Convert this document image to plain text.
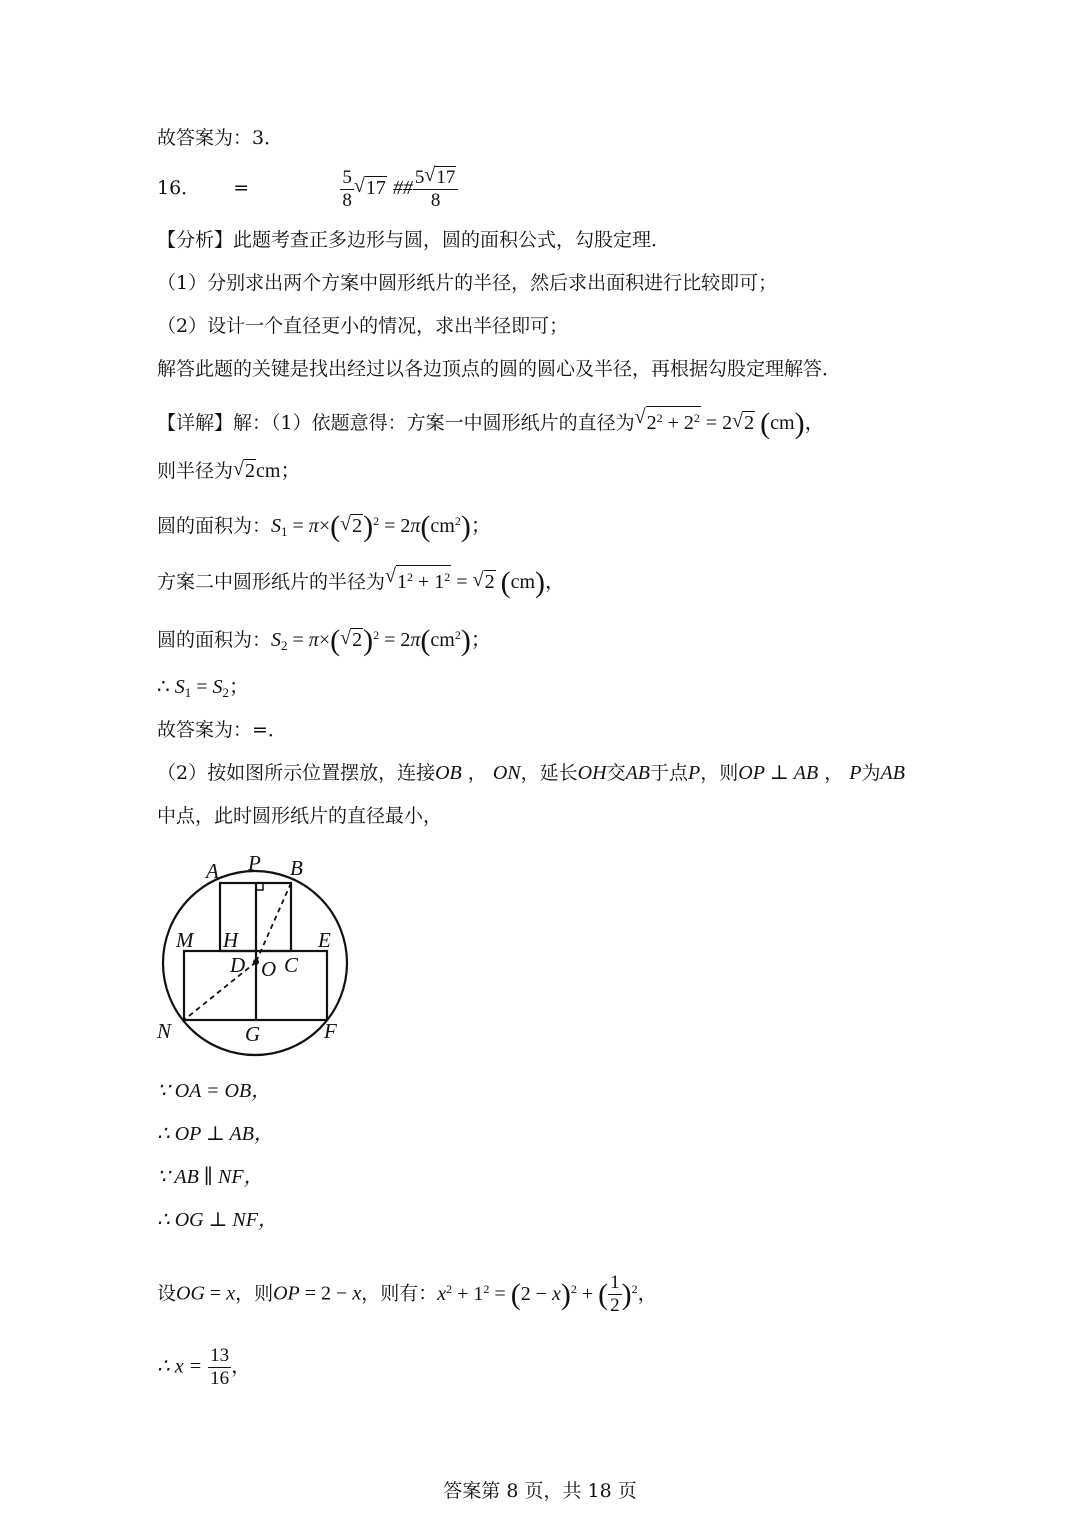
故答案为：3．
16． =	$\frac{5}{8}$ √ 17 ## $\frac{5 √ 17}{8}$
【分析】此题考查正多边形与圆，圆的面积公式，勾股定理．
（1）分别求出两个方案中圆形纸片的半径，然后求出面积进行比较即可；
（2）设计一个直径更小的情况，求出半径即可；
解答此题的关键是找出经过以各边顶点的圆的圆心及半径，再根据勾股定理解答．
【详解】解：（1）依题意得：方案一中圆形纸片的直径为 √ $2^2 + 2^2 = 2$ √ 2 (cm)，
则半径为 √ 2cm；
圆的面积为：$S_1 = \pi\times$( √ $2)^2 = 2\pi(cm^2)$；
方案二中圆形纸片的半径为 √ $1^2 + 1^2$ = √ 2 (cm)，
圆的面积为：$S_2 = \pi\times$( √ $2)^2 = 2\pi(cm^2)$；
∴ $S_1 = S_2$；
故答案为：=．
（2）按如图所示位置摆放，连接OB ， ON，延长OH交AB于点P，则OP ⊥ AB ， P为AB
中点，此时圆形纸片的直径最小，
A P B
M H	E
D O C
N	G	F
∵ OA = OB，
∴ OP ⊥ AB，
∵ AB ∥ NF，
∴ OG ⊥ NF，
设OG = x，则OP = 2 − x，则有：$x^2 + 1^2 = (2 - x)^2$ + ( $\frac{1}{2} )^2$，
∴ $x = \frac{13}{16}$ ，
答案第 8 页，共 18 页
